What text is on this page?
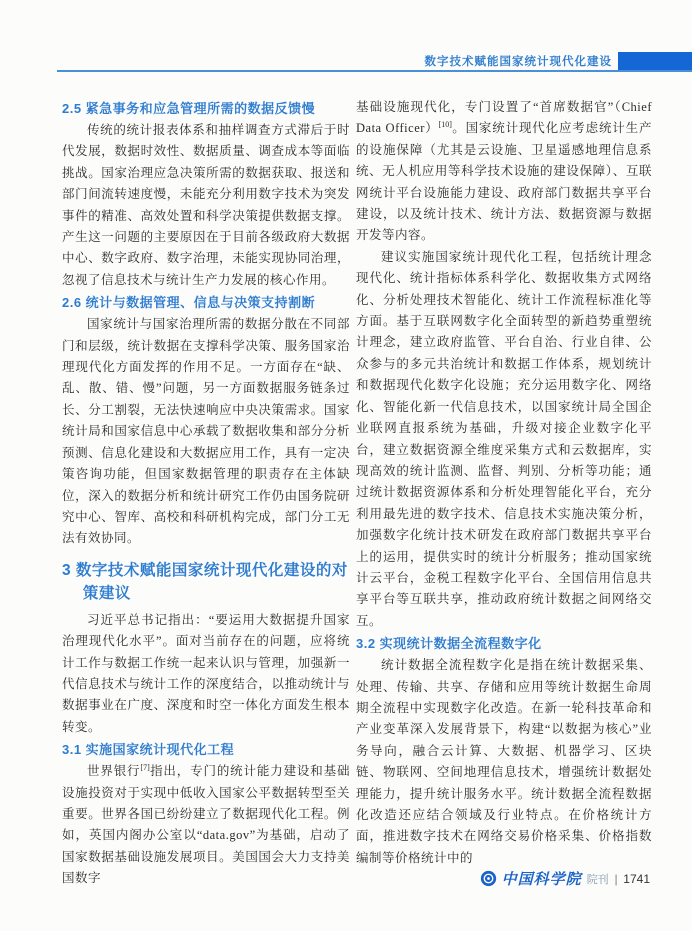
数字技术赋能国家统计现代化建设
2.5 紧急事务和应急管理所需的数据反馈慢

传统的统计报表体系和抽样调查方式滞后于时代发展，数据时效性、数据质量、调查成本等面临挑战。国家治理应急决策所需的数据获取、报送和部门间流转速度慢，未能充分利用数字技术为突发事件的精准、高效处置和科学决策提供数据支撑。产生这一问题的主要原因在于目前各级政府大数据中心、数字政府、数字治理，未能实现协同治理，忽视了信息技术与统计生产力发展的核心作用。

2.6 统计与数据管理、信息与决策支持割断

国家统计与国家治理所需的数据分散在不同部门和层级，统计数据在支撑科学决策、服务国家治理现代化方面发挥的作用不足。一方面存在“缺、乱、散、错、慢”问题，另一方面数据服务链条过长、分工割裂，无法快速响应中央决策需求。国家统计局和国家信息中心承载了数据收集和部分分析预测、信息化建设和大数据应用工作，具有一定决策咨询功能，但国家数据管理的职责存在主体缺位，深入的数据分析和统计研究工作仍由国务院研究中心、智库、高校和科研机构完成，部门分工无法有效协同。

3 数字技术赋能国家统计现代化建设的对策建议

习近平总书记指出：“要运用大数据提升国家治理现代化水平”。面对当前存在的问题，应将统计工作与数据工作统一起来认识与管理，加强新一代信息技术与统计工作的深度结合，以推动统计与数据事业在广度、深度和时空一体化方面发生根本转变。

3.1 实施国家统计现代化工程

世界银行[7]指出，专门的统计能力建设和基础设施投资对于实现中低收入国家公平数据转型至关重要。世界各国已纷纷建立了数据现代化工程。例如，英国内阁办公室以“data.gov”为基础，启动了国家数据基础设施发展项目。美国国会大力支持美国数字

基础设施现代化，专门设置了“首席数据官”（Chief Data Officer）[10]。国家统计现代化应考虑统计生产的设施保障（尤其是云设施、卫星遥感地理信息系统、无人机应用等科学技术设施的建设保障）、互联网统计平台设施能力建设、政府部门数据共享平台建设，以及统计技术、统计方法、数据资源与数据开发等内容。

建议实施国家统计现代化工程，包括统计理念现代化、统计指标体系科学化、数据收集方式网络化、分析处理技术智能化、统计工作流程标准化等方面。基于互联网数字化全面转型的新趋势重塑统计理念，建立政府监管、平台自治、行业自律、公众参与的多元共治统计和数据工作体系，规划统计和数据现代化数字化设施；充分运用数字化、网络化、智能化新一代信息技术，以国家统计局全国企业联网直报系统为基础，升级对接企业数字化平台，建立数据资源全维度采集方式和云数据库，实现高效的统计监测、监督、判别、分析等功能；通过统计数据资源体系和分析处理智能化平台，充分利用最先进的数字技术、信息技术实施决策分析，加强数字化统计技术研发在政府部门数据共享平台上的运用，提供实时的统计分析服务；推动国家统计云平台，金税工程数字化平台、全国信用信息共享平台等互联共享，推动政府统计数据之间网络交互。

3.2 实现统计数据全流程数字化

统计数据全流程数字化是指在统计数据采集、处理、传输、共享、存储和应用等统计数据生命周期全流程中实现数字化改造。在新一轮科技革命和产业变革深入发展背景下，构建“以数据为核心”业务导向，融合云计算、大数据、机器学习、区块链、物联网、空间地理信息技术，增强统计数据处理能力，提升统计服务水平。统计数据全流程数据化改造还应结合领域及行业特点。在价格统计方面，推进数字技术在网络交易价格采集、价格指数编制等价格统计中的

中国科学院 院刊 | 1741
